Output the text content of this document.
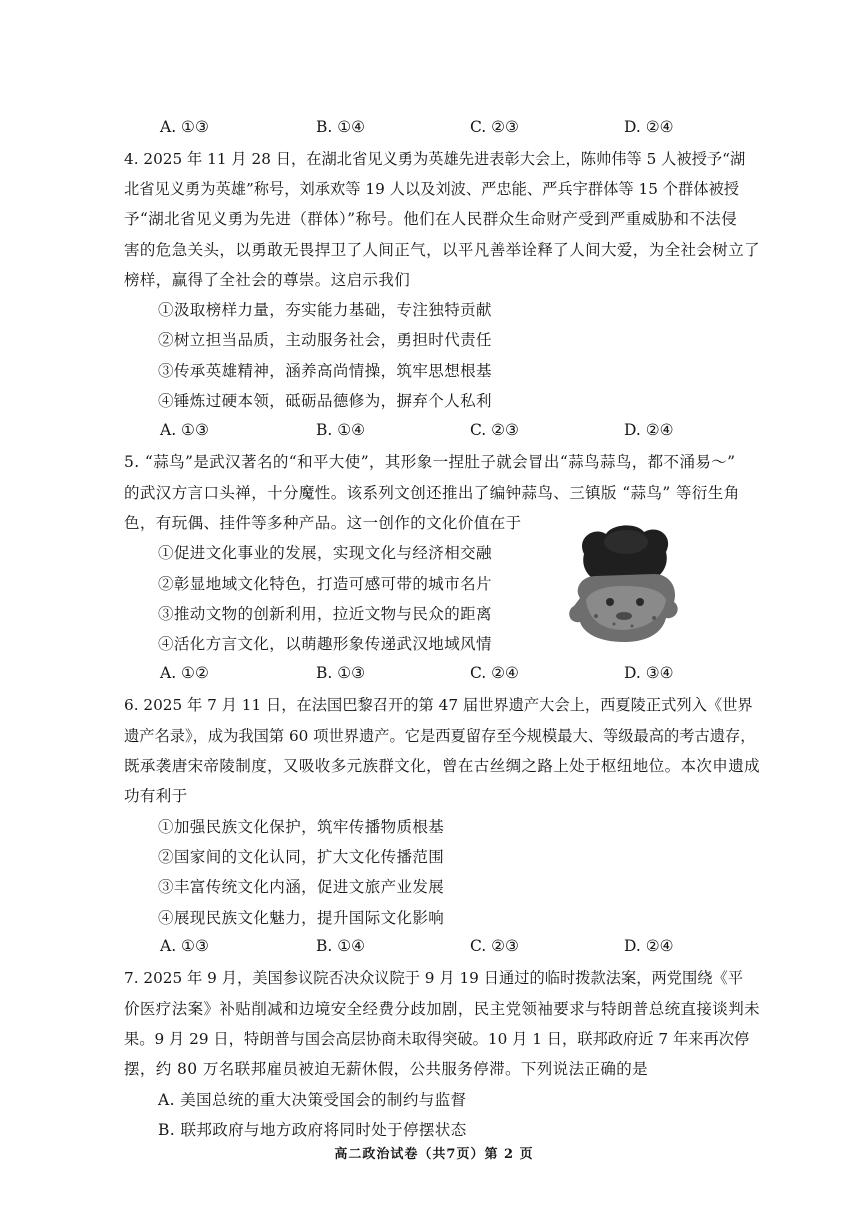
A. ①③	B. ①④	C. ②③	D. ②④
4. 2025 年 11 月 28 日，在湖北省见义勇为英雄先进表彰大会上，陈帅伟等 5 人被授予“湖
北省见义勇为英雄”称号，刘承欢等 19 人以及刘波、严忠能、严兵宇群体等 15 个群体被授
予“湖北省见义勇为先进（群体）”称号。他们在人民群众生命财产受到严重威胁和不法侵
害的危急关头，以勇敢无畏捍卫了人间正气，以平凡善举诠释了人间大爱，为全社会树立了
榜样，赢得了全社会的尊崇。这启示我们
①汲取榜样力量，夯实能力基础，专注独特贡献
②树立担当品质，主动服务社会，勇担时代责任
③传承英雄精神，涵养高尚情操，筑牢思想根基
④锤炼过硬本领，砥砺品德修为，摒弃个人私利
A. ①③	B. ①④	C. ②③	D. ②④
5. “蒜鸟”是武汉著名的“和平大使”，其形象一捏肚子就会冒出“蒜鸟蒜鸟，都不涌易～”
的武汉方言口头禅，十分魔性。该系列文创还推出了编钟蒜鸟、三镇版 “蒜鸟” 等衍生角
色，有玩偶、挂件等多种产品。这一创作的文化价值在于
①促进文化事业的发展，实现文化与经济相交融
②彰显地域文化特色，打造可感可带的城市名片
③推动文物的创新利用，拉近文物与民众的距离
④活化方言文化，以萌趣形象传递武汉地域风情
A. ①②	B. ①③	C. ②④	D. ③④
6. 2025 年 7 月 11 日，在法国巴黎召开的第 47 届世界遗产大会上，西夏陵正式列入《世界
遗产名录》，成为我国第 60 项世界遗产。它是西夏留存至今规模最大、等级最高的考古遗存，
既承袭唐宋帝陵制度，又吸收多元族群文化，曾在古丝绸之路上处于枢纽地位。本次申遗成
功有利于
①加强民族文化保护，筑牢传播物质根基
②国家间的文化认同，扩大文化传播范围
③丰富传统文化内涵，促进文旅产业发展
④展现民族文化魅力，提升国际文化影响
A. ①③	B. ①④	C. ②③	D. ②④
7. 2025 年 9 月，美国参议院否决众议院于 9 月 19 日通过的临时拨款法案，两党围绕《平
价医疗法案》补贴削减和边境安全经费分歧加剧，民主党领袖要求与特朗普总统直接谈判未
果。9 月 29 日，特朗普与国会高层协商未取得突破。10 月 1 日，联邦政府近 7 年来再次停
摆，约 80 万名联邦雇员被迫无薪休假，公共服务停滞。下列说法正确的是
A. 美国总统的重大决策受国会的制约与监督
B. 联邦政府与地方政府将同时处于停摆状态
高二政治试卷（共7页）第 2 页
